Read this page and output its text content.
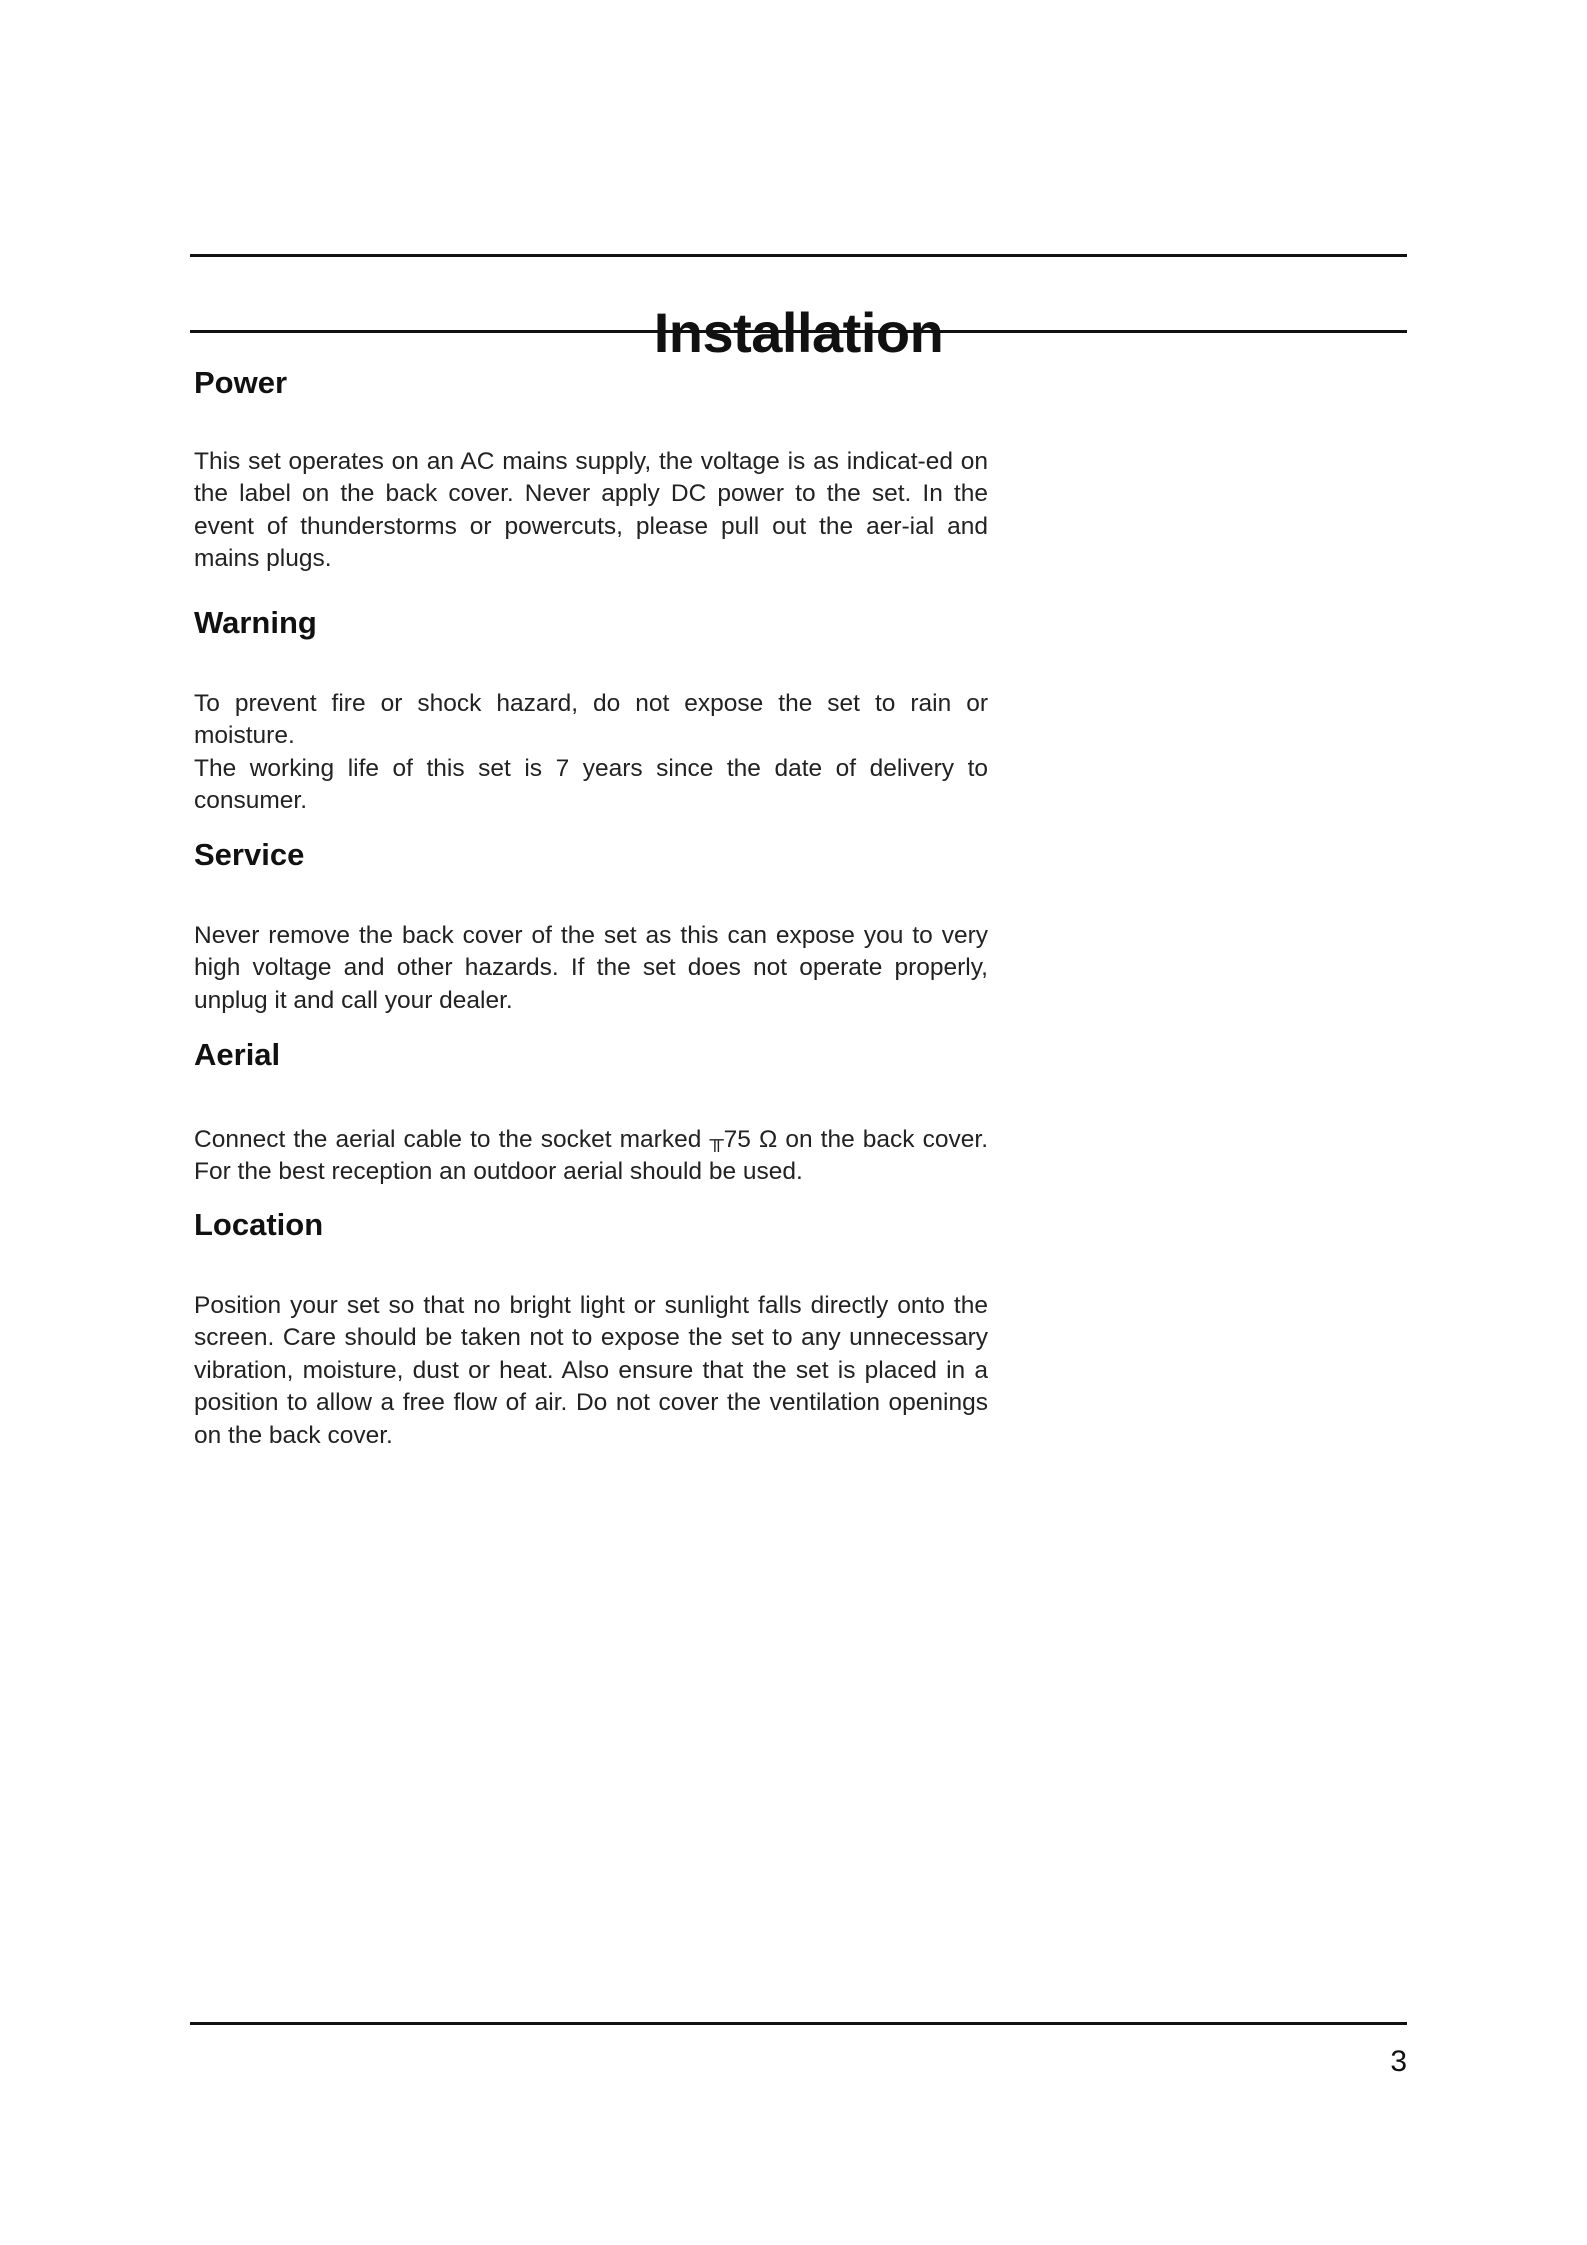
Installation
Power

This set operates on an AC mains supply, the voltage is as indicat-ed on the label on the back cover. Never apply DC power to the set. In the event of thunderstorms or powercuts, please pull out the aer-ial and mains plugs.

Warning

To prevent fire or shock hazard, do not expose the set to rain or moisture.

The working life of this set is 7 years since the date of delivery to consumer.

Service

Never remove the back cover of the set as this can expose you to very high voltage and other hazards. If the set does not operate properly, unplug it and call your dealer.

Aerial

Connect the aerial cable to the socket marked ╥75 Ω on the back cover. For the best reception an outdoor aerial should be used.

Location

Position your set so that no bright light or sunlight falls directly onto the screen. Care should be taken not to expose the set to any unnecessary vibration, moisture, dust or heat. Also ensure that the set is placed in a position to allow a free flow of air. Do not cover the ventilation openings on the back cover.

3
